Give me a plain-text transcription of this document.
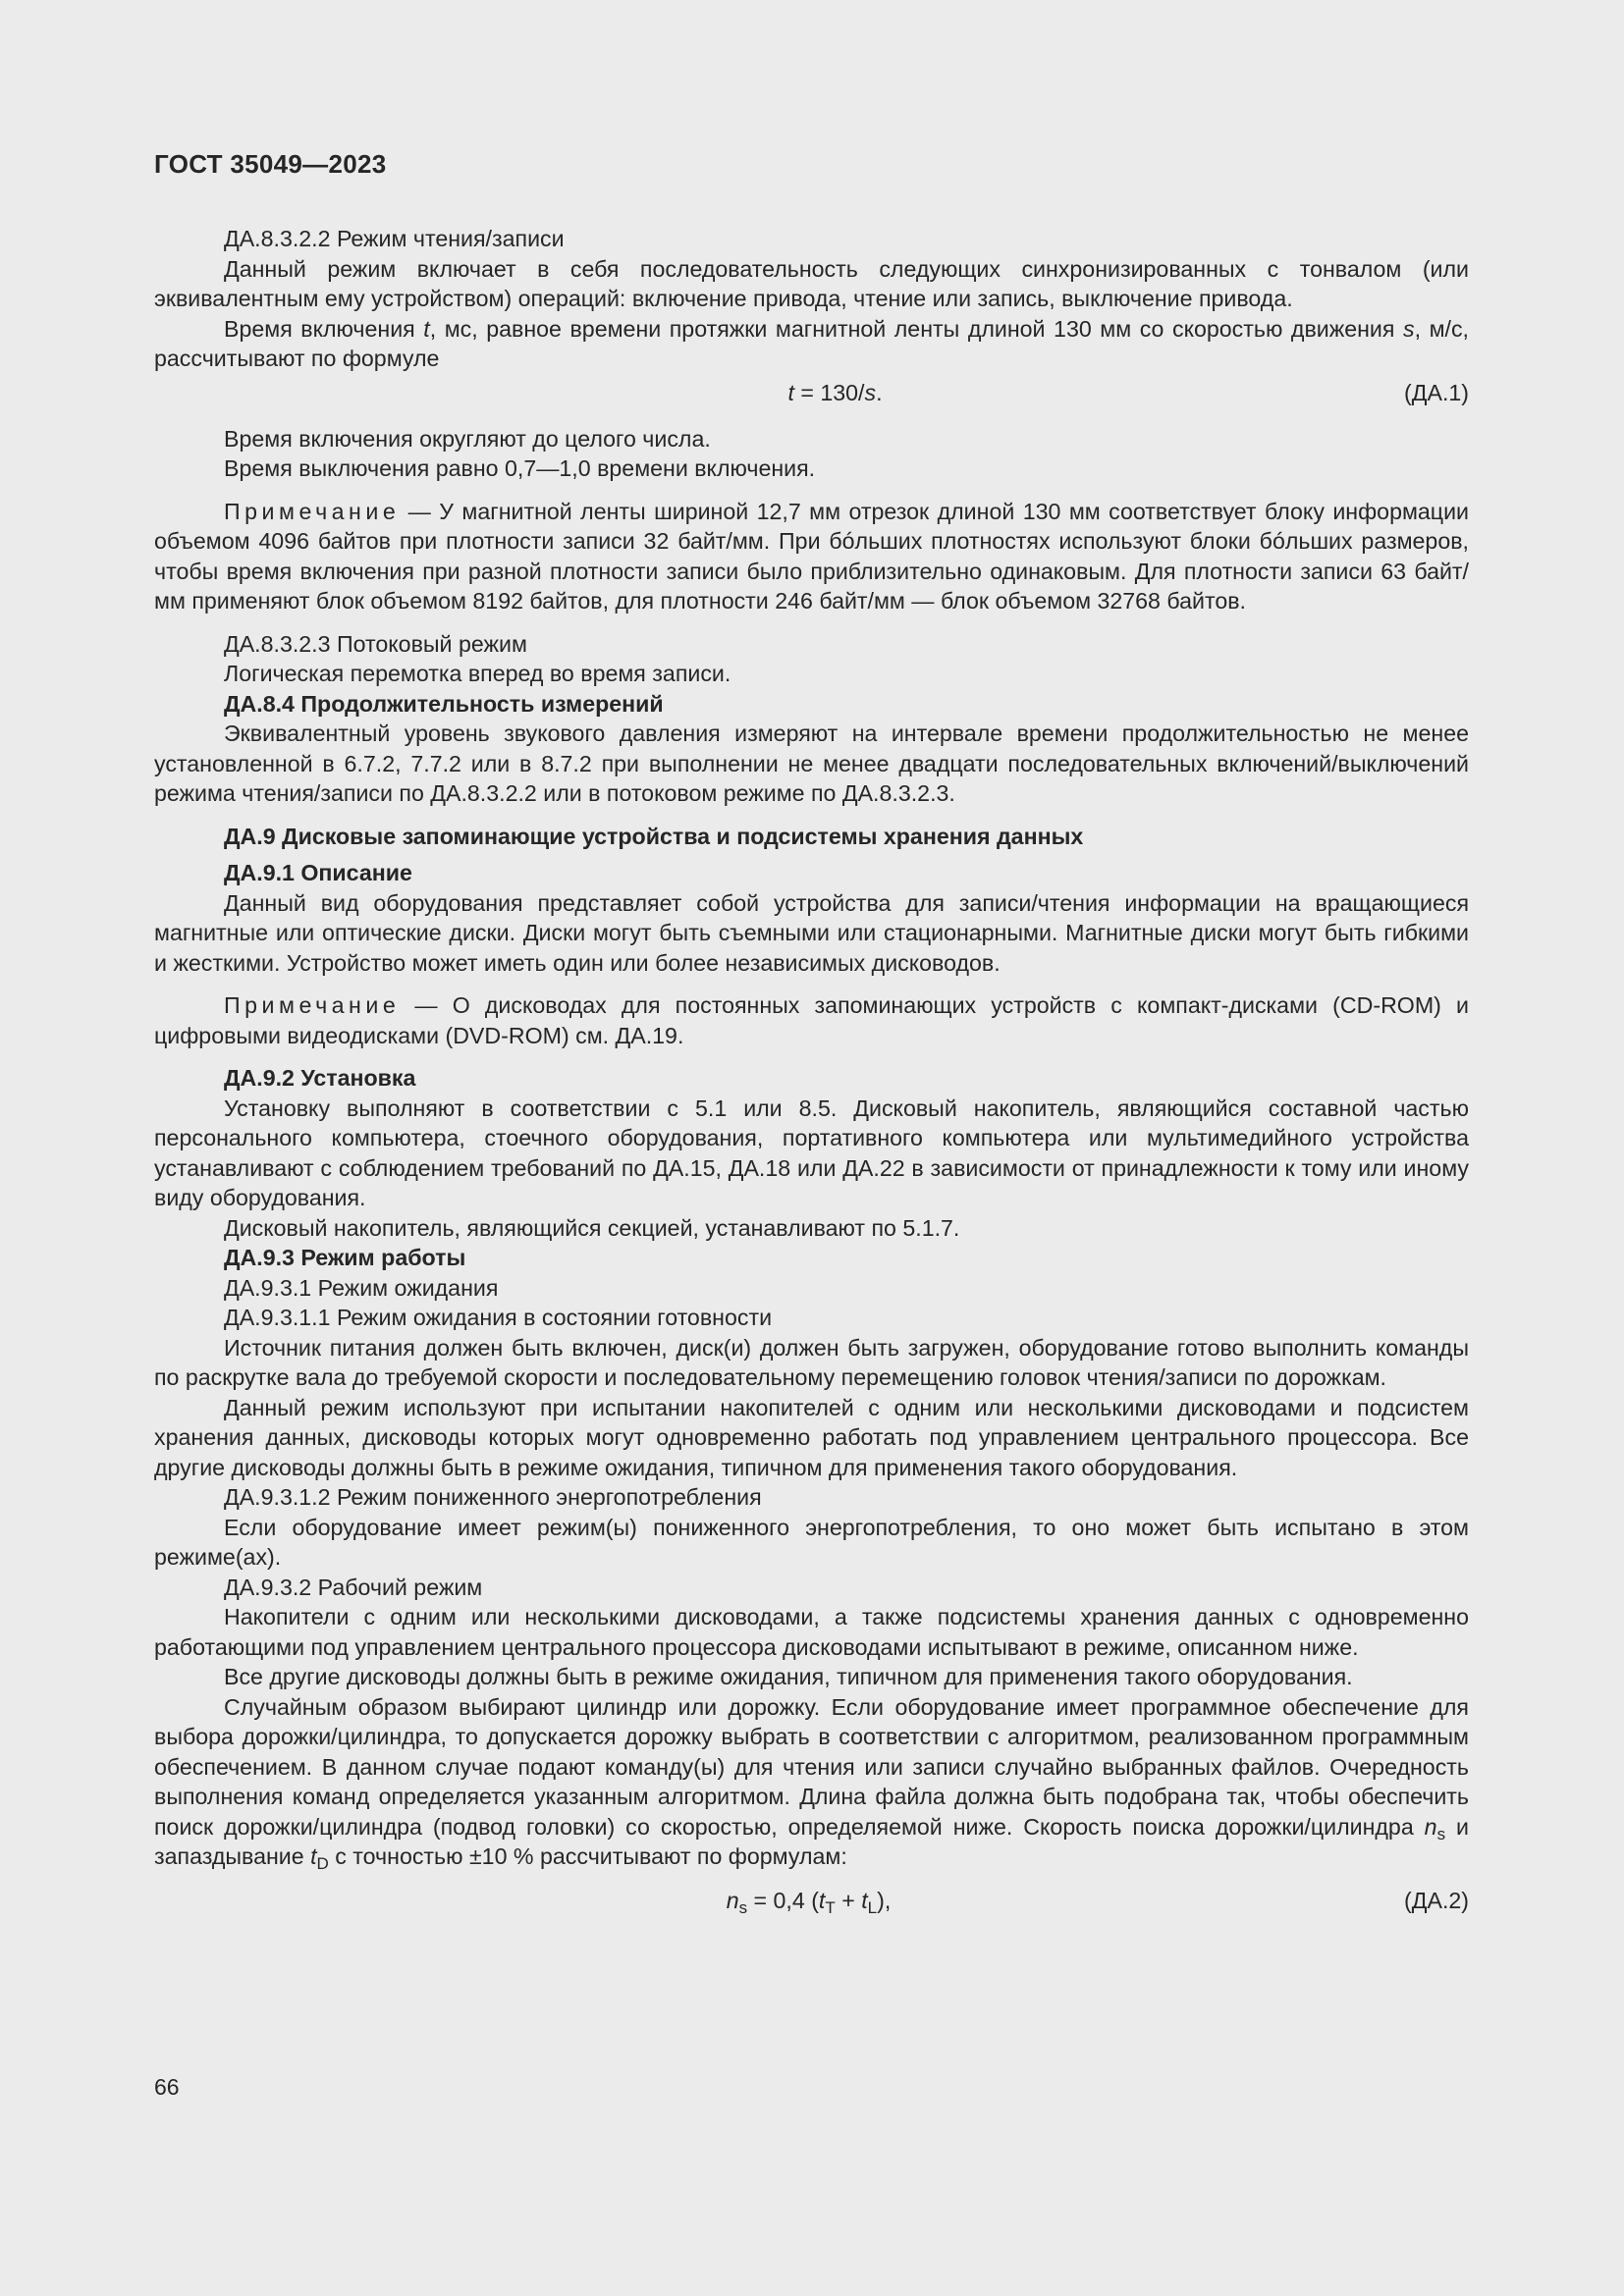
ГОСТ 35049—2023

ДА.8.3.2.2 Режим чтения/записи

Данный режим включает в себя последовательность следующих синхронизированных с тонвалом (или эквивалентным ему устройством) операций: включение привода, чтение или запись, выключение привода.

Время включения t, мс, равное времени протяжки магнитной ленты длиной 130 мм со скоростью движения s, м/с, рассчитывают по формуле

t = 130/s.	(ДА.1)

Время включения округляют до целого числа.

Время выключения равно 0,7—1,0 времени включения.

Примечание — У магнитной ленты шириной 12,7 мм отрезок длиной 130 мм соответствует блоку информации объемом 4096 байтов при плотности записи 32 байт/мм. При бóльших плотностях используют блоки бóльших размеров, чтобы время включения при разной плотности записи было приблизительно одинаковым. Для плотности записи 63 байт/мм применяют блок объемом 8192 байтов, для плотности 246 байт/мм — блок объемом 32768 байтов.

ДА.8.3.2.3 Потоковый режим

Логическая перемотка вперед во время записи.

ДА.8.4 Продолжительность измерений

Эквивалентный уровень звукового давления измеряют на интервале времени продолжительностью не менее установленной в 6.7.2, 7.7.2 или в 8.7.2 при выполнении не менее двадцати последовательных включений/выключений режима чтения/записи по ДА.8.3.2.2 или в потоковом режиме по ДА.8.3.2.3.

ДА.9 Дисковые запоминающие устройства и подсистемы хранения данных

ДА.9.1 Описание

Данный вид оборудования представляет собой устройства для записи/чтения информации на вращающиеся магнитные или оптические диски. Диски могут быть съемными или стационарными. Магнитные диски могут быть гибкими и жесткими. Устройство может иметь один или более независимых дисководов.

Примечание — О дисководах для постоянных запоминающих устройств с компакт-дисками (CD-ROM) и цифровыми видеодисками (DVD-ROM) см. ДА.19.

ДА.9.2 Установка

Установку выполняют в соответствии с 5.1 или 8.5. Дисковый накопитель, являющийся составной частью персонального компьютера, стоечного оборудования, портативного компьютера или мультимедийного устройства устанавливают с соблюдением требований по ДА.15, ДА.18 или ДА.22 в зависимости от принадлежности к тому или иному виду оборудования.

Дисковый накопитель, являющийся секцией, устанавливают по 5.1.7.

ДА.9.3 Режим работы

ДА.9.3.1 Режим ожидания

ДА.9.3.1.1 Режим ожидания в состоянии готовности

Источник питания должен быть включен, диск(и) должен быть загружен, оборудование готово выполнить команды по раскрутке вала до требуемой скорости и последовательному перемещению головок чтения/записи по дорожкам.

Данный режим используют при испытании накопителей с одним или несколькими дисководами и подсистем хранения данных, дисководы которых могут одновременно работать под управлением центрального процессора. Все другие дисководы должны быть в режиме ожидания, типичном для применения такого оборудования.

ДА.9.3.1.2 Режим пониженного энергопотребления

Если оборудование имеет режим(ы) пониженного энергопотребления, то оно может быть испытано в этом режиме(ах).

ДА.9.3.2 Рабочий режим

Накопители с одним или несколькими дисководами, а также подсистемы хранения данных с одновременно работающими под управлением центрального процессора дисководами испытывают в режиме, описанном ниже.

Все другие дисководы должны быть в режиме ожидания, типичном для применения такого оборудования.

Случайным образом выбирают цилиндр или дорожку. Если оборудование имеет программное обеспечение для выбора дорожки/цилиндра, то допускается дорожку выбрать в соответствии с алгоритмом, реализованном программным обеспечением. В данном случае подают команду(ы) для чтения или записи случайно выбранных файлов. Очередность выполнения команд определяется указанным алгоритмом. Длина файла должна быть подобрана так, чтобы обеспечить поиск дорожки/цилиндра (подвод головки) со скоростью, определяемой ниже. Скорость поиска дорожки/цилиндра $n_s$ и запаздывание $t_D$ с точностью ±10 % рассчитывают по формулам:

$n_s = 0,4$ $(t_T + t_L)$,	(ДА.2)
66
